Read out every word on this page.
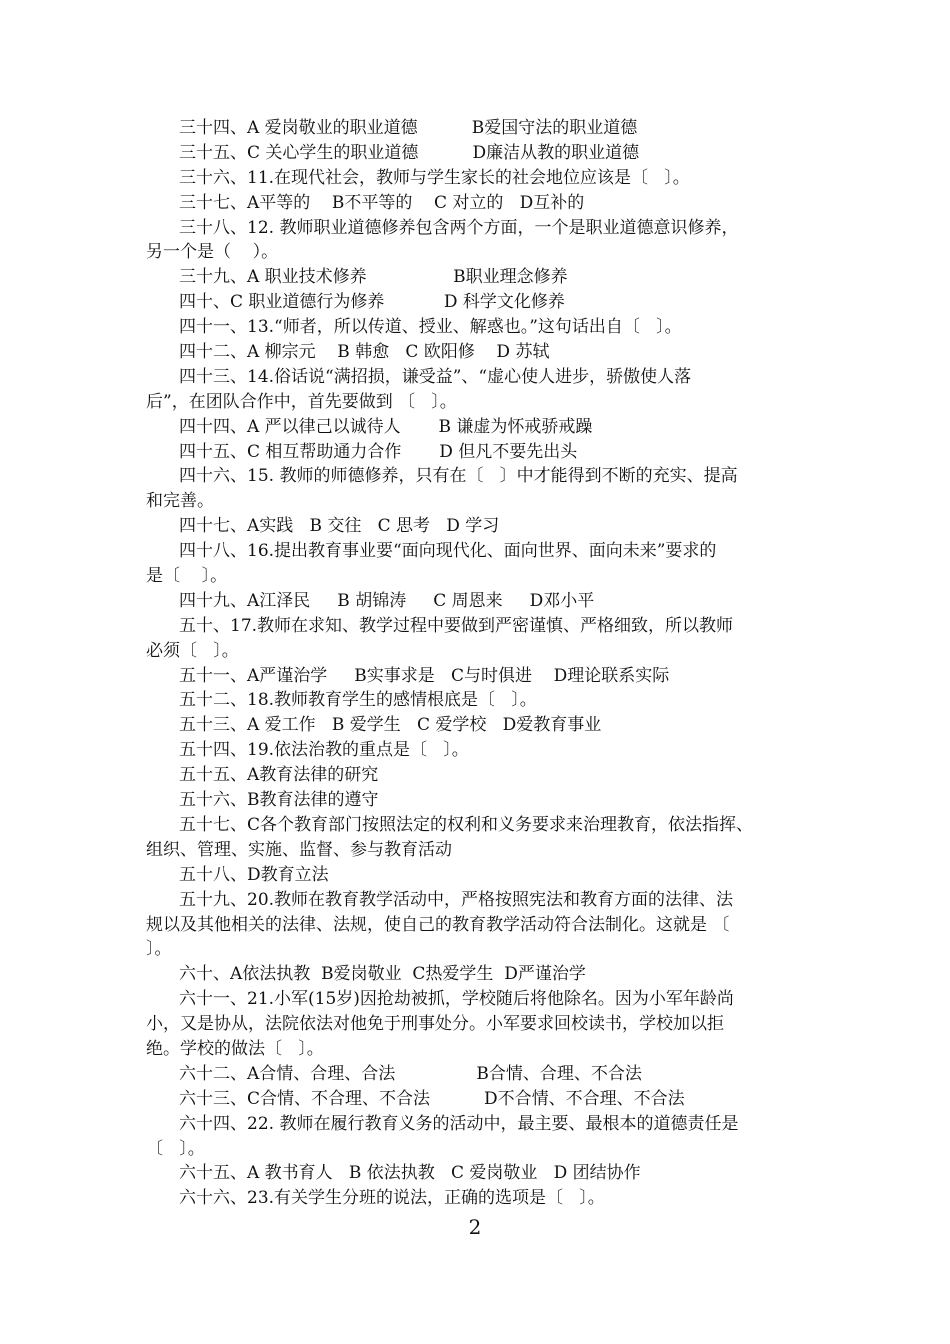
三十四、A 爱岗敬业的职业道德          B爱国守法的职业道德
三十五、C 关心学生的职业道德          D廉洁从教的职业道德
三十六、11.在现代社会，教师与学生家长的社会地位应该是〔   〕。
三十七、A平等的    B不平等的    C 对立的   D互补的
三十八、12. 教师职业道德修养包含两个方面，一个是职业道德意识修养，
另一个是（    ）。
三十九、A 职业技术修养                B职业理念修养
四十、C 职业道德行为修养           D 科学文化修养
四十一、13.“师者，所以传道、授业、解惑也。”这句话出自〔   〕。
四十二、A 柳宗元    B 韩愈   C 欧阳修    D 苏轼
四十三、14.俗话说“满招损，谦受益”、“虚心使人进步，骄傲使人落
后”，在团队合作中，首先要做到 〔   〕。
四十四、A 严以律己以诚待人       B 谦虚为怀戒骄戒躁
四十五、C 相互帮助通力合作       D 但凡不要先出头
四十六、15. 教师的师德修养，只有在〔   〕中才能得到不断的充实、提高
和完善。
四十七、A实践   B 交往   C 思考   D 学习
四十八、16.提出教育事业要“面向现代化、面向世界、面向未来”要求的
是〔    〕。
四十九、A江泽民     B 胡锦涛     C 周恩来     D邓小平
五十、17.教师在求知、教学过程中要做到严密谨慎、严格细致，所以教师
必须〔   〕。
五十一、A严谨治学     B实事求是   C与时俱进    D理论联系实际
五十二、18.教师教育学生的感情根底是〔   〕。
五十三、A 爱工作   B 爱学生   C 爱学校   D爱教育事业
五十四、19.依法治教的重点是〔   〕。
五十五、A教育法律的研究
五十六、B教育法律的遵守
五十七、C各个教育部门按照法定的权利和义务要求来治理教育，依法指挥、
组织、管理、实施、监督、参与教育活动
五十八、D教育立法
五十九、20.教师在教育教学活动中，严格按照宪法和教育方面的法律、法
规以及其他相关的法律、法规，使自己的教育教学活动符合法制化。这就是 〔
〕。
六十、A依法执教  B爱岗敬业  C热爱学生  D严谨治学
六十一、21.小军(15岁)因抢劫被抓，学校随后将他除名。因为小军年龄尚
小，又是协从，法院依法对他免于刑事处分。小军要求回校读书，学校加以拒
绝。学校的做法〔   〕。
六十二、A合情、合理、合法               B合情、合理、不合法
六十三、C合情、不合理、不合法          D不合情、不合理、不合法
六十四、22. 教师在履行教育义务的活动中，最主要、最根本的道德责任是
〔   〕。
六十五、A 教书育人   B 依法执教   C 爱岗敬业   D 团结协作
六十六、23.有关学生分班的说法，正确的选项是〔   〕。
2
